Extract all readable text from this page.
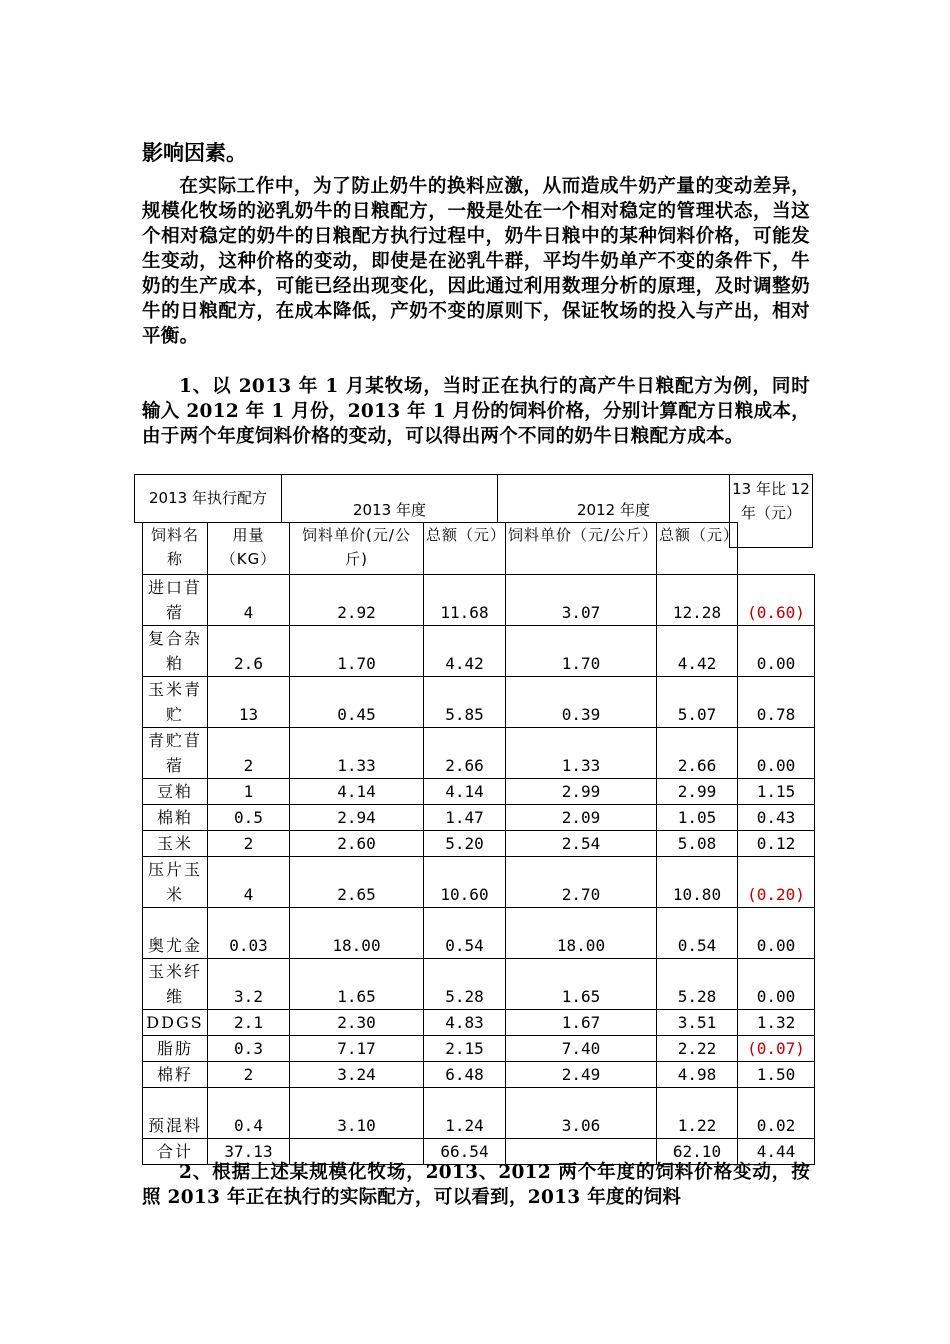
影响因素。

在实际工作中，为了防止奶牛的换料应激，从而造成牛奶产量的变动差异，规模化牧场的泌乳奶牛的日粮配方，一般是处在一个相对稳定的管理状态，当这个相对稳定的奶牛的日粮配方执行过程中，奶牛日粮中的某种饲料价格，可能发生变动，这种价格的变动，即使是在泌乳牛群，平均牛奶单产不变的条件下，牛奶的生产成本，可能已经出现变化，因此通过利用数理分析的原理，及时调整奶牛的日粮配方，在成本降低，产奶不变的原则下，保证牧场的投入与产出，相对平衡。

1、以 2013 年 1 月某牧场，当时正在执行的高产牛日粮配方为例，同时输入 2012 年 1 月份，2013 年 1 月份的饲料价格，分别计算配方日粮成本，由于两个年度饲料价格的变动，可以得出两个不同的奶牛日粮配方成本。

2013 年执行配方
2013 年度	2012 年度
13 年比 12 年（元）
饲料名称	用量（KG）	饲料单价(元/公斤)	总额（元）	饲料单价（元/公斤）	总额（元）	
进口苜蓿	4	2.92	11.68	3.07	12.28	(0.60)
复合杂粕	2.6	1.70	4.42	1.70	4.42	0.00
玉米青贮	13	0.45	5.85	0.39	5.07	0.78
青贮苜蓿	2	1.33	2.66	1.33	2.66	0.00
豆粕	1	4.14	4.14	2.99	2.99	1.15
棉粕	0.5	2.94	1.47	2.09	1.05	0.43
玉米	2	2.60	5.20	2.54	5.08	0.12
压片玉米	4	2.65	10.60	2.70	10.80	(0.20)
奥尤金	0.03	18.00	0.54	18.00	0.54	0.00
玉米纤维	3.2	1.65	5.28	1.65	5.28	0.00
DDGS	2.1	2.30	4.83	1.67	3.51	1.32
脂肪	0.3	7.17	2.15	7.40	2.22	(0.07)
棉籽	2	3.24	6.48	2.49	4.98	1.50
预混料	0.4	3.10	1.24	3.06	1.22	0.02
合计	37.13		66.54		62.10	4.44

2、根据上述某规模化牧场，2013、2012 两个年度的饲料价格变动，按照 2013 年正在执行的实际配方，可以看到，2013 年度的饲料
